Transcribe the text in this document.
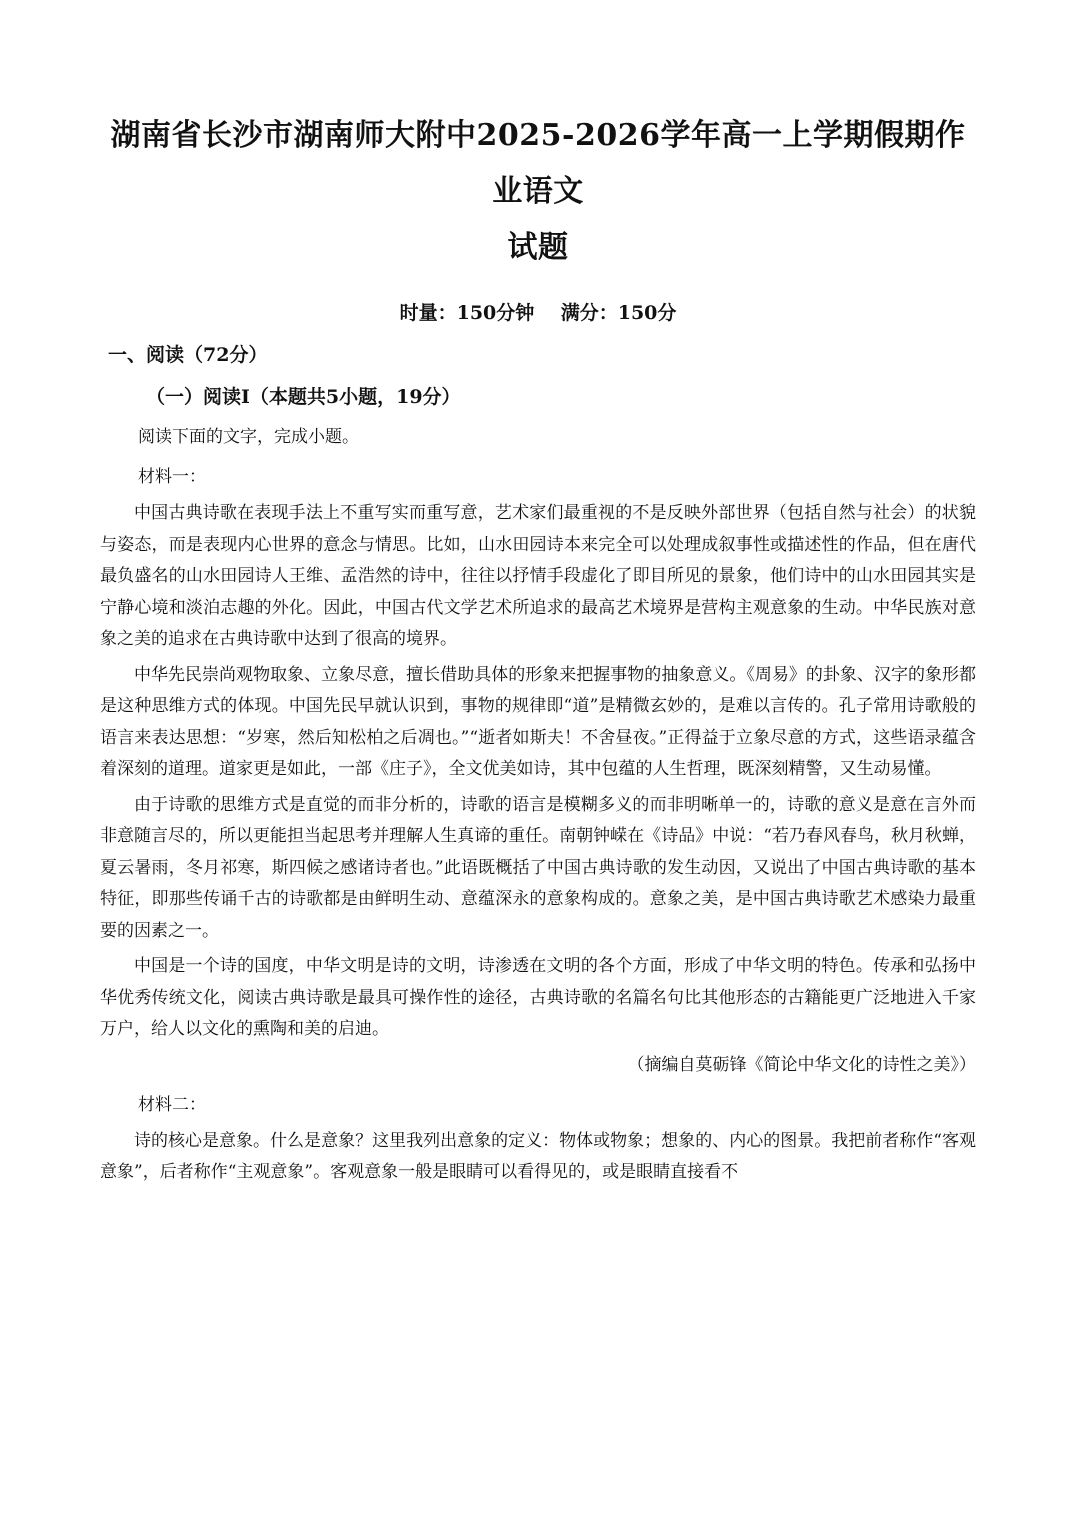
湖南省长沙市湖南师大附中2025-2026学年高一上学期假期作业语文
试题
时量：150分钟    满分：150分
一、阅读（72分）
（一）阅读Ⅰ（本题共5小题，19分）
阅读下面的文字，完成小题。
材料一：

中国古典诗歌在表现手法上不重写实而重写意，艺术家们最重视的不是反映外部世界（包括自然与社会）的状貌与姿态，而是表现内心世界的意念与情思。比如，山水田园诗本来完全可以处理成叙事性或描述性的作品，但在唐代最负盛名的山水田园诗人王维、孟浩然的诗中，往往以抒情手段虚化了即目所见的景象，他们诗中的山水田园其实是宁静心境和淡泊志趣的外化。因此，中国古代文学艺术所追求的最高艺术境界是营构主观意象的生动。中华民族对意象之美的追求在古典诗歌中达到了很高的境界。

中华先民崇尚观物取象、立象尽意，擅长借助具体的形象来把握事物的抽象意义。《周易》的卦象、汉字的象形都是这种思维方式的体现。中国先民早就认识到，事物的规律即“道”是精微玄妙的，是难以言传的。孔子常用诗歌般的语言来表达思想：“岁寒，然后知松柏之后凋也。”“逝者如斯夫！不舍昼夜。”正得益于立象尽意的方式，这些语录蕴含着深刻的道理。道家更是如此，一部《庄子》，全文优美如诗，其中包蕴的人生哲理，既深刻精警，又生动易懂。

由于诗歌的思维方式是直觉的而非分析的，诗歌的语言是模糊多义的而非明晰单一的，诗歌的意义是意在言外而非意随言尽的，所以更能担当起思考并理解人生真谛的重任。南朝钟嵘在《诗品》中说：“若乃春风春鸟，秋月秋蝉，夏云暑雨，冬月祁寒，斯四候之感诸诗者也。”此语既概括了中国古典诗歌的发生动因，又说出了中国古典诗歌的基本特征，即那些传诵千古的诗歌都是由鲜明生动、意蕴深永的意象构成的。意象之美，是中国古典诗歌艺术感染力最重要的因素之一。

中国是一个诗的国度，中华文明是诗的文明，诗渗透在文明的各个方面，形成了中华文明的特色。传承和弘扬中华优秀传统文化，阅读古典诗歌是最具可操作性的途径，古典诗歌的名篇名句比其他形态的古籍能更广泛地进入千家万户，给人以文化的熏陶和美的启迪。

（摘编自莫砺锋《简论中华文化的诗性之美》）
材料二：

诗的核心是意象。什么是意象？这里我列出意象的定义：物体或物象；想象的、内心的图景。我把前者称作“客观意象”，后者称作“主观意象”。客观意象一般是眼睛可以看得见的，或是眼睛直接看不
